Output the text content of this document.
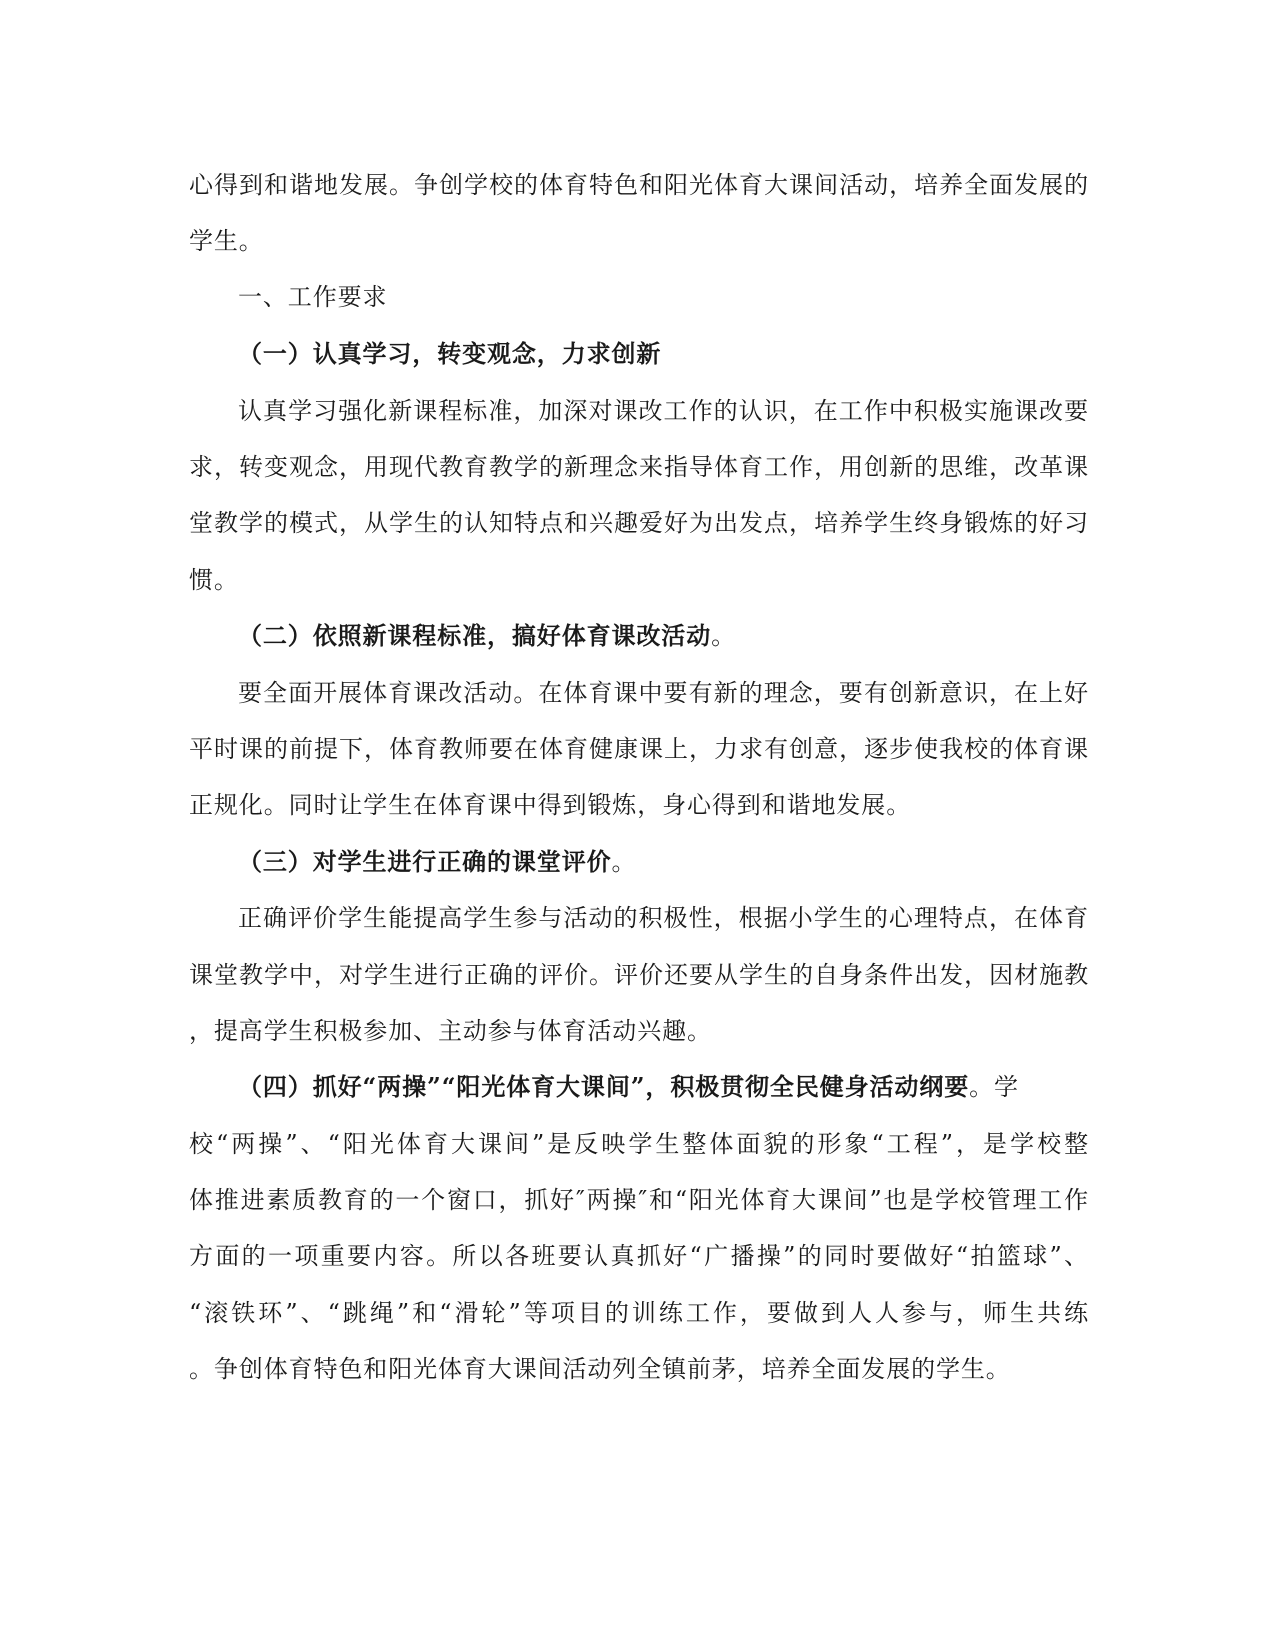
心得到和谐地发展。争创学校的体育特色和阳光体育大课间活动，培养全面发展的
学生。
一、工作要求
（一）认真学习，转变观念，力求创新
认真学习强化新课程标准，加深对课改工作的认识，在工作中积极实施课改要
求，转变观念，用现代教育教学的新理念来指导体育工作，用创新的思维，改革课
堂教学的模式，从学生的认知特点和兴趣爱好为出发点，培养学生终身锻炼的好习
惯。
（二）依照新课程标准，搞好体育课改活动。
要全面开展体育课改活动。在体育课中要有新的理念，要有创新意识，在上好
平时课的前提下，体育教师要在体育健康课上，力求有创意，逐步使我校的体育课
正规化。同时让学生在体育课中得到锻炼，身心得到和谐地发展。
（三）对学生进行正确的课堂评价。
正确评价学生能提高学生参与活动的积极性，根据小学生的心理特点，在体育
课堂教学中，对学生进行正确的评价。评价还要从学生的自身条件出发，因材施教
，提高学生积极参加、主动参与体育活动兴趣。
（四）抓好“两操”“阳光体育大课间”，积极贯彻全民健身活动纲要。学
校“两操”、“阳光体育大课间”是反映学生整体面貌的形象“工程”，是学校整
体推进素质教育的一个窗口，抓好″两操″和“阳光体育大课间”也是学校管理工作
方面的一项重要内容。所以各班要认真抓好“广播操”的同时要做好“拍篮球”、
“滚铁环”、“跳绳”和“滑轮”等项目的训练工作，要做到人人参与，师生共练
。争创体育特色和阳光体育大课间活动列全镇前茅，培养全面发展的学生。
